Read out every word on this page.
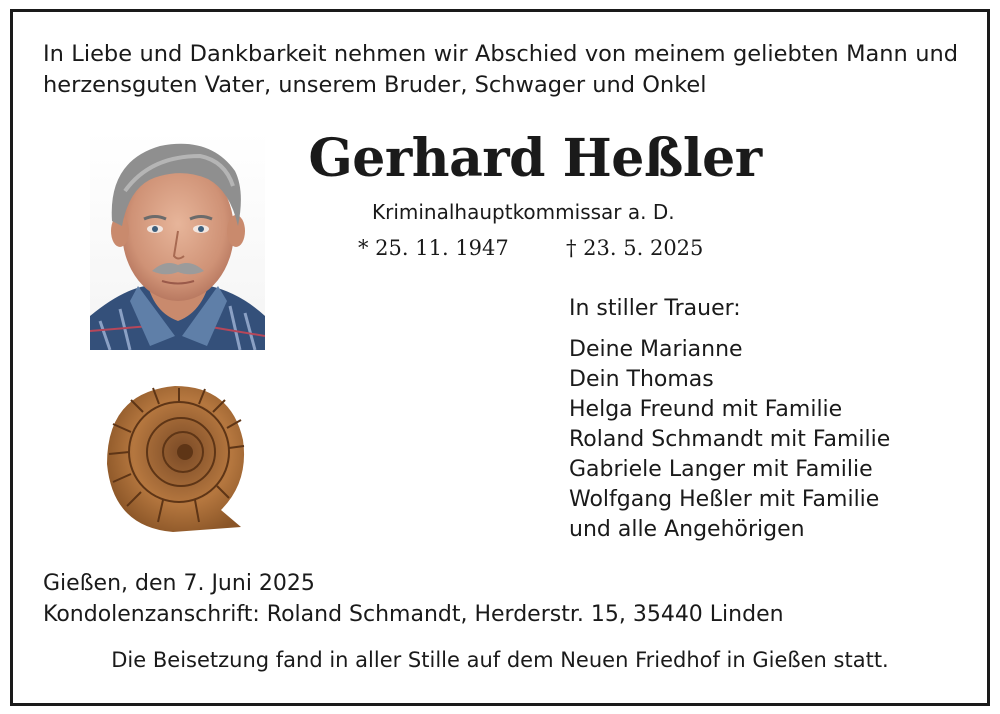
In Liebe und Dankbarkeit nehmen wir Abschied von meinem geliebten Mann und herzensguten Vater, unserem Bruder, Schwager und Onkel
Gerhard Heßler
Kriminalhauptkommissar a. D.
* 25. 11. 1947	† 23. 5. 2025
In stiller Trauer:
Deine Marianne
Dein Thomas
Helga Freund mit Familie
Roland Schmandt mit Familie
Gabriele Langer mit Familie
Wolfgang Heßler mit Familie
und alle Angehörigen
Gießen, den 7. Juni 2025
Kondolenzanschrift: Roland Schmandt, Herderstr. 15, 35440 Linden
Die Beisetzung fand in aller Stille auf dem Neuen Friedhof in Gießen statt.
